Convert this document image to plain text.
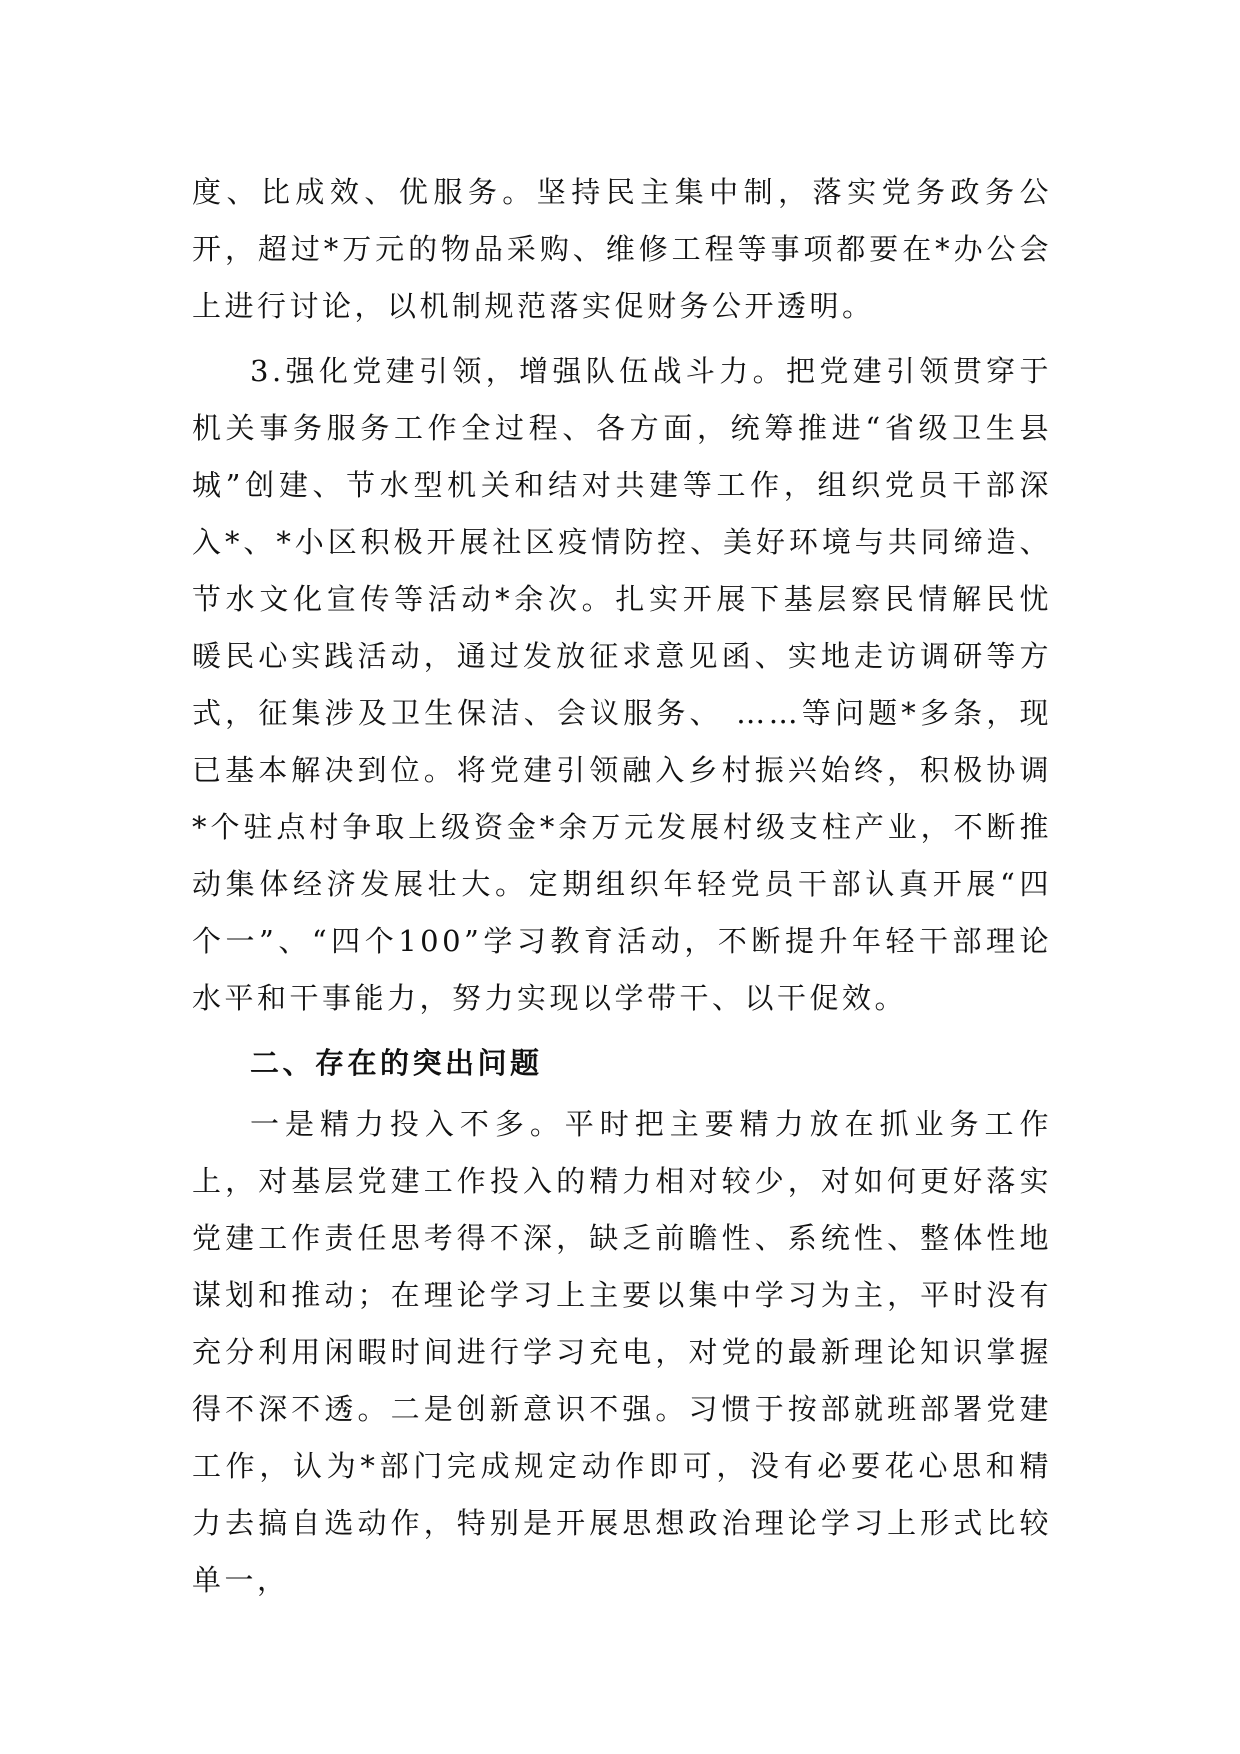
度、比成效、优服务。坚持民主集中制，落实党务政务公开，超过*万元的物品采购、维修工程等事项都要在*办公会上进行讨论，以机制规范落实促财务公开透明。

3.强化党建引领，增强队伍战斗力。把党建引领贯穿于机关事务服务工作全过程、各方面，统筹推进“省级卫生县城”创建、节水型机关和结对共建等工作，组织党员干部深入*、*小区积极开展社区疫情防控、美好环境与共同缔造、节水文化宣传等活动*余次。扎实开展下基层察民情解民忧暖民心实践活动，通过发放征求意见函、实地走访调研等方式，征集涉及卫生保洁、会议服务、 ……等问题*多条，现已基本解决到位。将党建引领融入乡村振兴始终，积极协调*个驻点村争取上级资金*余万元发展村级支柱产业，不断推动集体经济发展壮大。定期组织年轻党员干部认真开展“四个一”、“四个100”学习教育活动，不断提升年轻干部理论水平和干事能力，努力实现以学带干、以干促效。

二、存在的突出问题

一是精力投入不多。平时把主要精力放在抓业务工作上，对基层党建工作投入的精力相对较少，对如何更好落实党建工作责任思考得不深，缺乏前瞻性、系统性、整体性地谋划和推动；在理论学习上主要以集中学习为主，平时没有充分利用闲暇时间进行学习充电，对党的最新理论知识掌握得不深不透。二是创新意识不强。习惯于按部就班部署党建工作，认为*部门完成规定动作即可，没有必要花心思和精力去搞自选动作，特别是开展思想政治理论学习上形式比较单一，
